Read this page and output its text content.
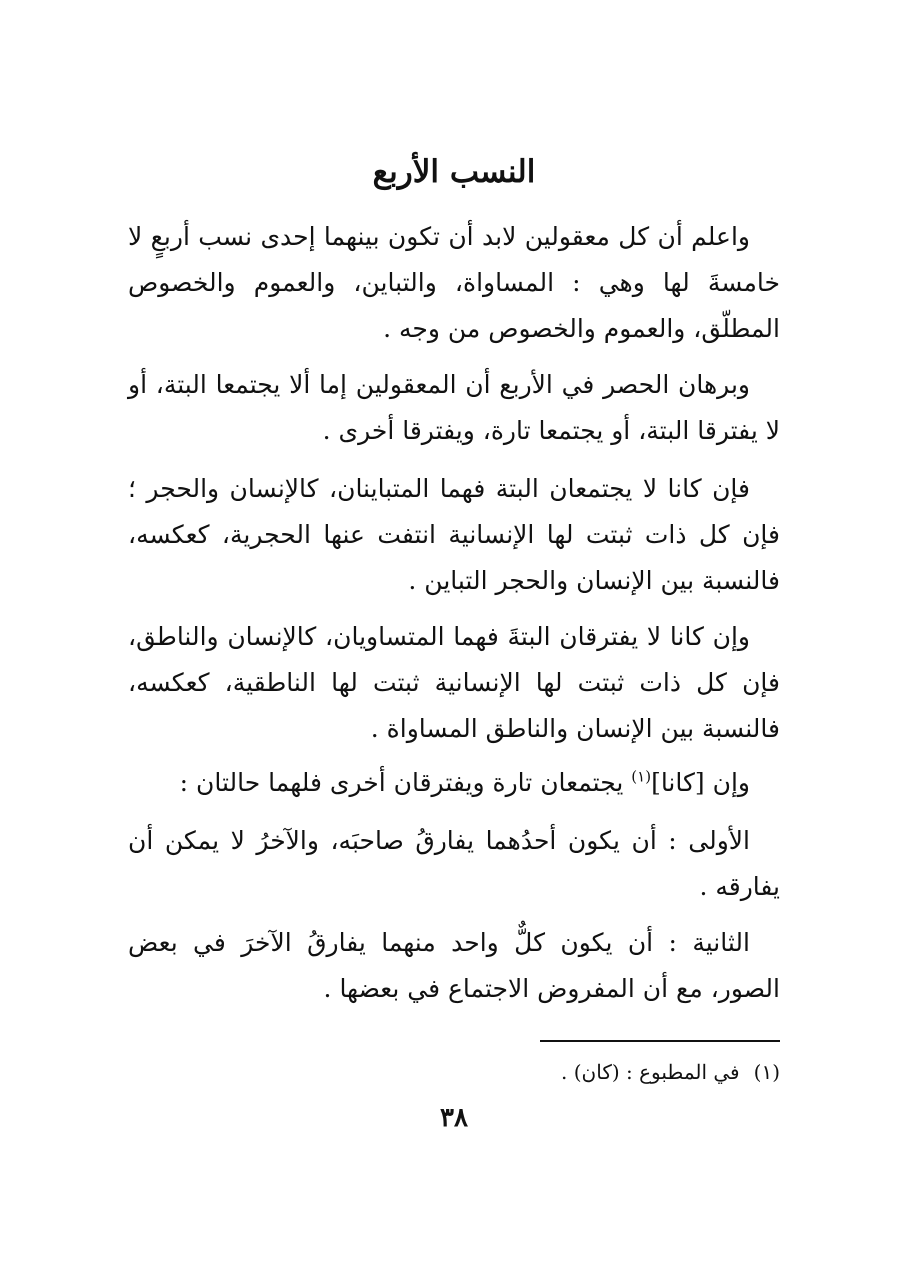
النسب الأربع

واعلم أن كل معقولين لابد أن تكون بينهما إحدى نسب أربعٍ لا خامسةَ لها وهي : المساواة، والتباين، والعموم والخصوص المطلّق، والعموم والخصوص من وجه .

وبرهان الحصر في الأربع أن المعقولين إما ألا يجتمعا البتة، أو لا يفترقا البتة، أو يجتمعا تارة، ويفترقا أخرى .

فإن كانا لا يجتمعان البتة فهما المتباينان، كالإنسان والحجر ؛ فإن كل ذات ثبتت لها الإنسانية انتفت عنها الحجرية، كعكسه، فالنسبة بين الإنسان والحجر التباين .

وإن كانا لا يفترقان البتةَ فهما المتساويان، كالإنسان والناطق، فإن كل ذات ثبتت لها الإنسانية ثبتت لها الناطقية، كعكسه، فالنسبة بين الإنسان والناطق المساواة .

وإن [كانا]$^{(١)}$ يجتمعان تارة ويفترقان أخرى فلهما حالتان :

الأولى : أن يكون أحدُهما يفارقُ صاحبَه، والآخرُ لا يمكن أن يفارقه .

الثانية : أن يكون كلٌّ واحد منهما يفارقُ الآخرَ في بعض الصور، مع أن المفروض الاجتماع في بعضها .

(١)في المطبوع : (كان) .

٣٨
